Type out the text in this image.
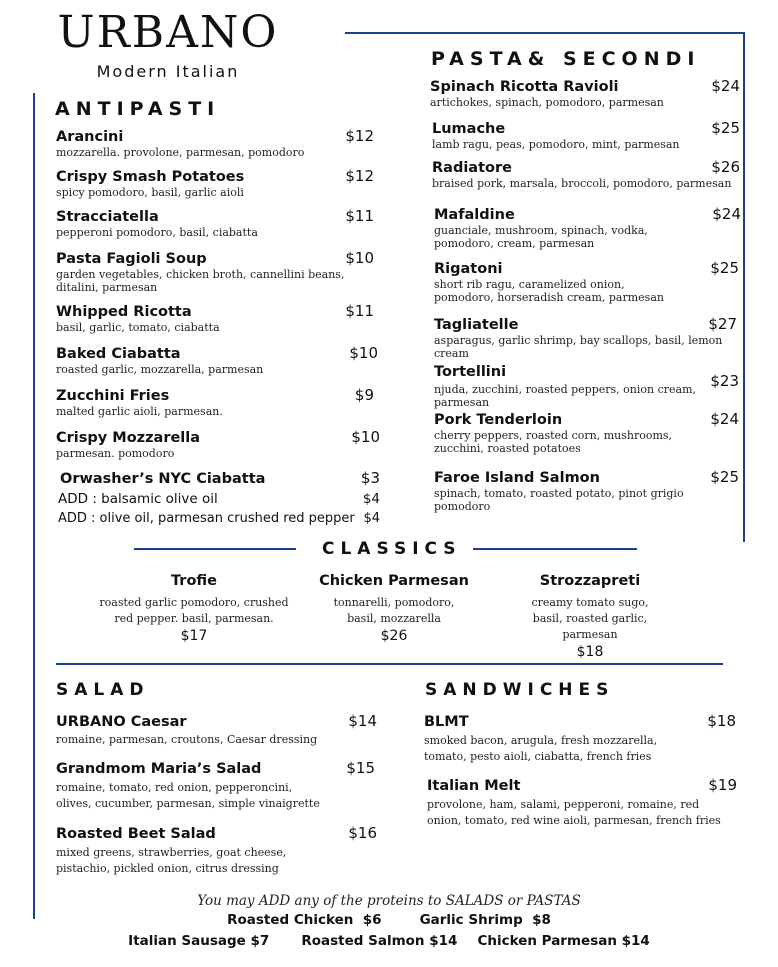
URBANO
Modern Italian
ANTIPASTI
PASTA& SECONDI
CLASSICS
SALAD	SANDWICHES
Arancini	$12
mozzarella. provolone, parmesan, pomodoro
Crispy Smash Potatoes	$12
spicy pomodoro, basil, garlic aioli
Stracciatella	$11
pepperoni pomodoro, basil, ciabatta
Pasta Fagioli Soup	$10
garden vegetables, chicken broth, cannellini beans, ditalini, parmesan
Whipped Ricotta	$11
basil, garlic, tomato, ciabatta
Baked Ciabatta	$10
roasted garlic, mozzarella, parmesan
Zucchini Fries	$9
malted garlic aioli, parmesan.
Crispy Mozzarella	$10
parmesan. pomodoro
Orwasher’s NYC Ciabatta	$3
ADD : balsamic olive oil	$4
ADD : olive oil, parmesan crushed red pepper $4
Spinach Ricotta Ravioli	$24
artichokes, spinach, pomodoro, parmesan
Lumache	$25
lamb ragu, peas, pomodoro, mint, parmesan
Radiatore	$26
braised pork, marsala, broccoli, pomodoro, parmesan
Mafaldine	$24
guanciale, mushroom, spinach, vodka, pomodoro, cream, parmesan
Rigatoni	$25
short rib ragu, caramelized onion, pomodoro, horseradish cream, parmesan
Tagliatelle	$27
asparagus, garlic shrimp, bay scallops, basil, lemon cream
Tortellini	$23
njuda, zucchini, roasted peppers, onion cream, parmesan
Pork Tenderloin	$24
cherry peppers, roasted corn, mushrooms, zucchini, roasted potatoes
Faroe Island Salmon	$25
spinach, tomato, roasted potato, pinot grigio pomodoro
Trofie
roasted garlic pomodoro, crushed red pepper. basil, parmesan.
$17
Chicken Parmesan
tonnarelli, pomodoro, basil, mozzarella
$26
Strozzapreti
creamy tomato sugo, basil, roasted garlic, parmesan
$18
URBANO Caesar	$14
romaine, parmesan, croutons, Caesar dressing
Grandmom Maria’s Salad	$15
romaine, tomato, red onion, pepperoncini, olives, cucumber, parmesan, simple vinaigrette
Roasted Beet Salad	$16
mixed greens, strawberries, goat cheese, pistachio, pickled onion, citrus dressing
BLMT	$18
smoked bacon, arugula, fresh mozzarella, tomato, pesto aioli, ciabatta, french fries
Italian Melt	$19
provolone, ham, salami, pepperoni, romaine, red onion, tomato, red wine aioli, parmesan, french fries
You may ADD any of the proteins to SALADS or PASTAS
Roasted Chicken  $6	Garlic Shrimp  $8
Italian Sausage $7 Roasted Salmon $14 Chicken Parmesan $14
